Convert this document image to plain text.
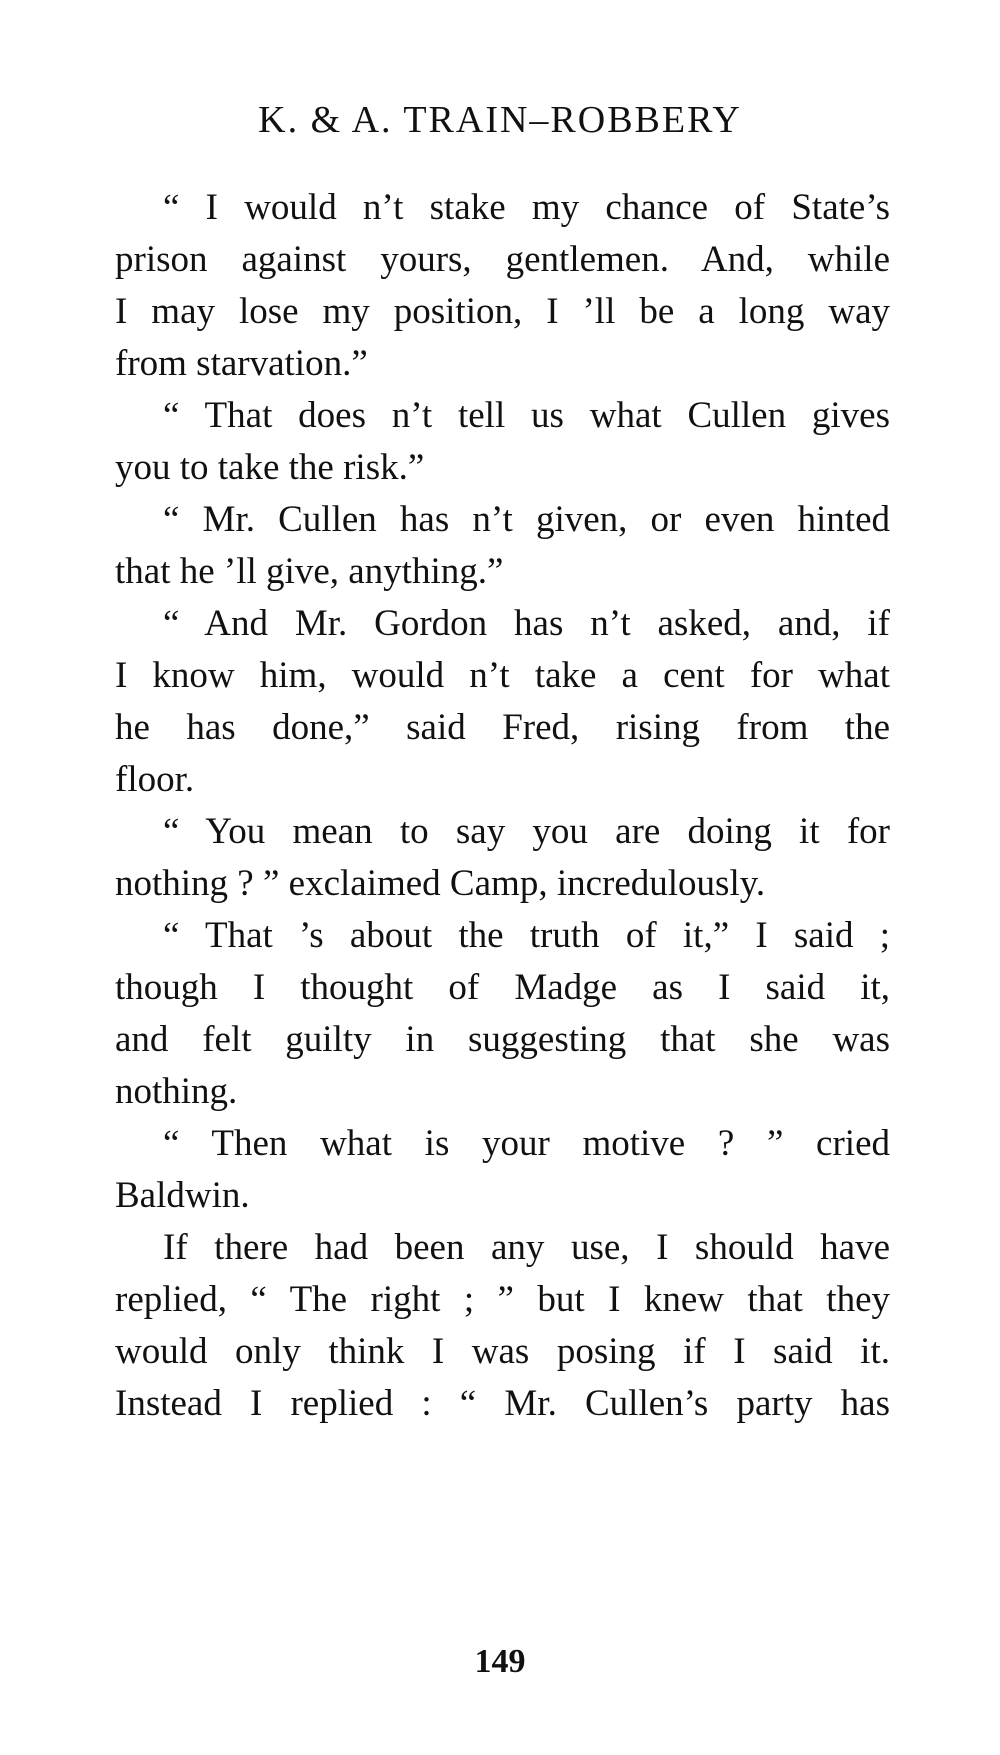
K. & A. TRAIN–ROBBERY

“ I would n’t stake my chance of State’s
prison against yours, gentlemen. And, while
I may lose my position, I ’ll be a long way
from starvation.”

“ That does n’t tell us what Cullen gives
you to take the risk.”

“ Mr. Cullen has n’t given, or even hinted
that he ’ll give, anything.”

“ And Mr. Gordon has n’t asked, and, if
I know him, would n’t take a cent for what
he has done,” said Fred, rising from the
floor.

“ You mean to say you are doing it for
nothing ? ” exclaimed Camp, incredulously.

“ That ’s about the truth of it,” I said ;
though I thought of Madge as I said it,
and felt guilty in suggesting that she was
nothing.

“ Then what is your motive ? ” cried
Baldwin.

If there had been any use, I should have
replied, “ The right ; ” but I knew that they
would only think I was posing if I said it.
Instead I replied : “ Mr. Cullen’s party has

149
